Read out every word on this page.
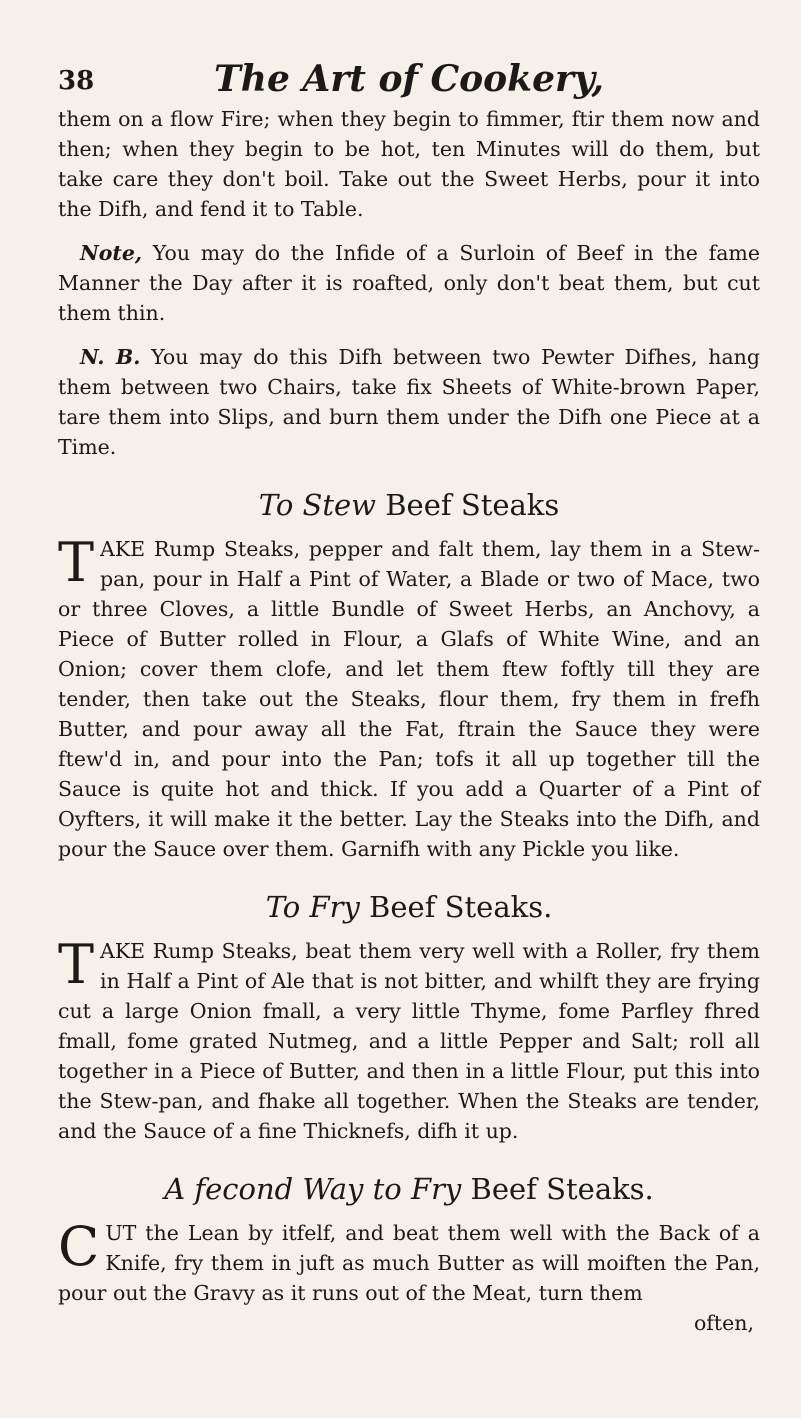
38	The Art of Cookery,

them on a flow Fire; when they begin to fimmer, ftir them now and then; when they begin to be hot, ten Minutes will do them, but take care they don't boil. Take out the Sweet Herbs, pour it into the Difh, and fend it to Table.

Note, You may do the Infide of a Surloin of Beef in the fame Manner the Day after it is roafted, only don't beat them, but cut them thin.

N. B. You may do this Difh between two Pewter Difhes, hang them between two Chairs, take fix Sheets of White-brown Paper, tare them into Slips, and burn them under the Difh one Piece at a Time.

To Stew Beef Steaks

TAKE Rump Steaks, pepper and falt them, lay them in a Stew-pan, pour in Half a Pint of Water, a Blade or two of Mace, two or three Cloves, a little Bundle of Sweet Herbs, an Anchovy, a Piece of Butter rolled in Flour, a Glafs of White Wine, and an Onion; cover them clofe, and let them ftew foftly till they are tender, then take out the Steaks, flour them, fry them in frefh Butter, and pour away all the Fat, ftrain the Sauce they were ftew'd in, and pour into the Pan; tofs it all up together till the Sauce is quite hot and thick. If you add a Quarter of a Pint of Oyfters, it will make it the better. Lay the Steaks into the Difh, and pour the Sauce over them. Garnifh with any Pickle you like.

To Fry Beef Steaks.

TAKE Rump Steaks, beat them very well with a Roller, fry them in Half a Pint of Ale that is not bitter, and whilft they are frying cut a large Onion fmall, a very little Thyme, fome Parfley fhred fmall, fome grated Nutmeg, and a little Pepper and Salt; roll all together in a Piece of Butter, and then in a little Flour, put this into the Stew-pan, and fhake all together. When the Steaks are tender, and the Sauce of a fine Thicknefs, difh it up.

A fecond Way to Fry Beef Steaks.

CUT the Lean by itfelf, and beat them well with the Back of a Knife, fry them in juft as much Butter as will moiften the Pan, pour out the Gravy as it runs out of the Meat, turn them

often,
